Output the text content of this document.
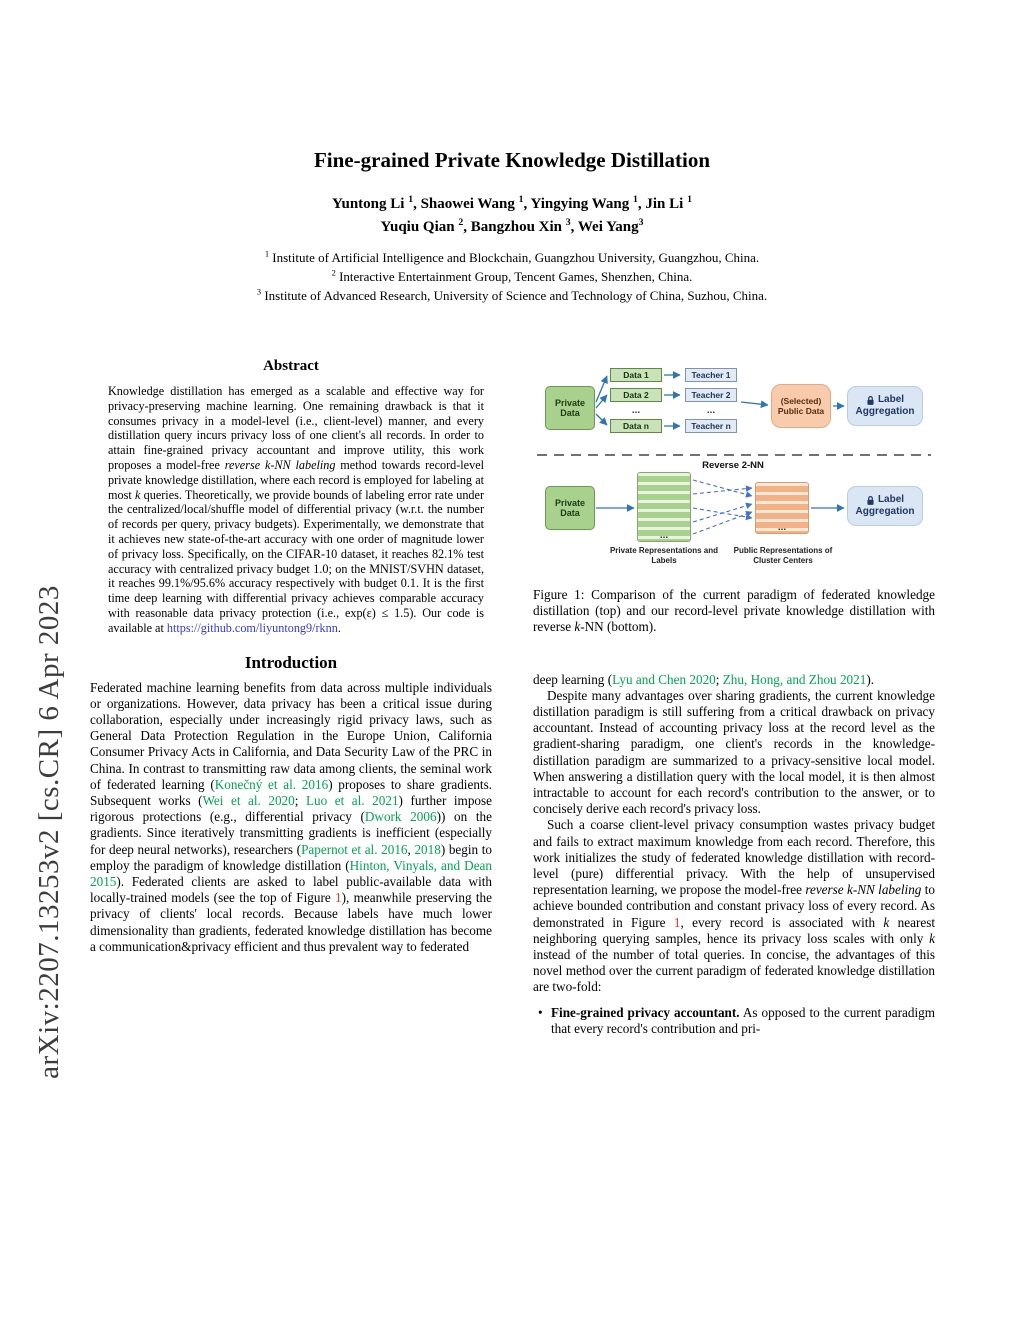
arXiv:2207.13253v2 [cs.CR] 6 Apr 2023
Fine-grained Private Knowledge Distillation
Yuntong Li $^1$, Shaowei Wang $^1$, Yingying Wang $^1$, Jin Li $^1$
Yuqiu Qian $^2$, Bangzhou Xin $^3$, Wei Yang$^3$
$^1$ Institute of Artificial Intelligence and Blockchain, Guangzhou University, Guangzhou, China.
$^2$ Interactive Entertainment Group, Tencent Games, Shenzhen, China.
$^3$ Institute of Advanced Research, University of Science and Technology of China, Suzhou, China.
Abstract

Knowledge distillation has emerged as a scalable and effective way for privacy-preserving machine learning. One remaining drawback is that it consumes privacy in a model-level (i.e., client-level) manner, and every distillation query incurs privacy loss of one client's all records. In order to attain fine-grained privacy accountant and improve utility, this work proposes a model-free reverse k-NN labeling method towards record-level private knowledge distillation, where each record is employed for labeling at most k queries. Theoretically, we provide bounds of labeling error rate under the centralized/local/shuffle model of differential privacy (w.r.t. the number of records per query, privacy budgets). Experimentally, we demonstrate that it achieves new state-of-the-art accuracy with one order of magnitude lower of privacy loss. Specifically, on the CIFAR-10 dataset, it reaches 82.1% test accuracy with centralized privacy budget 1.0; on the MNIST/SVHN dataset, it reaches 99.1%/95.6% accuracy respectively with budget 0.1. It is the first time deep learning with differential privacy achieves comparable accuracy with reasonable data privacy protection (i.e., exp(ε) ≤ 1.5). Our code is available at https://github.com/liyuntong9/rknn.

Introduction

Federated machine learning benefits from data across multiple individuals or organizations. However, data privacy has been a critical issue during collaboration, especially under increasingly rigid privacy laws, such as General Data Protection Regulation in the Europe Union, California Consumer Privacy Acts in California, and Data Security Law of the PRC in China. In contrast to transmitting raw data among clients, the seminal work of federated learning (Konečný et al. 2016) proposes to share gradients. Subsequent works (Wei et al. 2020; Luo et al. 2021) further impose rigorous protections (e.g., differential privacy (Dwork 2006)) on the gradients. Since iteratively transmitting gradients is inefficient (especially for deep neural networks), researchers (Papernot et al. 2016, 2018) begin to employ the paradigm of knowledge distillation (Hinton, Vinyals, and Dean 2015). Federated clients are asked to label public-available data with locally-trained models (see the top of Figure 1), meanwhile preserving the privacy of clients' local records. Because labels have much lower dimensionality than gradients, federated knowledge distillation has become a communication&privacy efficient and thus prevalent way to federated

Private Data
Data 1
Data 2
...
Data n
Teacher 1
Teacher 2
...
Teacher n
(Selected) Public Data
Label
Aggregation
Reverse 2-NN
Private Data
...
...
Label
Aggregation
Private Representations and Labels
Public Representations of Cluster Centers

Figure 1: Comparison of the current paradigm of federated knowledge distillation (top) and our record-level private knowledge distillation with reverse k-NN (bottom).

deep learning (Lyu and Chen 2020; Zhu, Hong, and Zhou 2021).

Despite many advantages over sharing gradients, the current knowledge distillation paradigm is still suffering from a critical drawback on privacy accountant. Instead of accounting privacy loss at the record level as the gradient-sharing paradigm, one client's records in the knowledge-distillation paradigm are summarized to a privacy-sensitive local model. When answering a distillation query with the local model, it is then almost intractable to account for each record's contribution to the answer, or to concisely derive each record's privacy loss.

Such a coarse client-level privacy consumption wastes privacy budget and fails to extract maximum knowledge from each record. Therefore, this work initializes the study of federated knowledge distillation with record-level (pure) differential privacy. With the help of unsupervised representation learning, we propose the model-free reverse k-NN labeling to achieve bounded contribution and constant privacy loss of every record. As demonstrated in Figure 1, every record is associated with k nearest neighboring querying samples, hence its privacy loss scales with only k instead of the number of total queries. In concise, the advantages of this novel method over the current paradigm of federated knowledge distillation are two-fold:

• Fine-grained privacy accountant. As opposed to the current paradigm that every record's contribution and pri-
